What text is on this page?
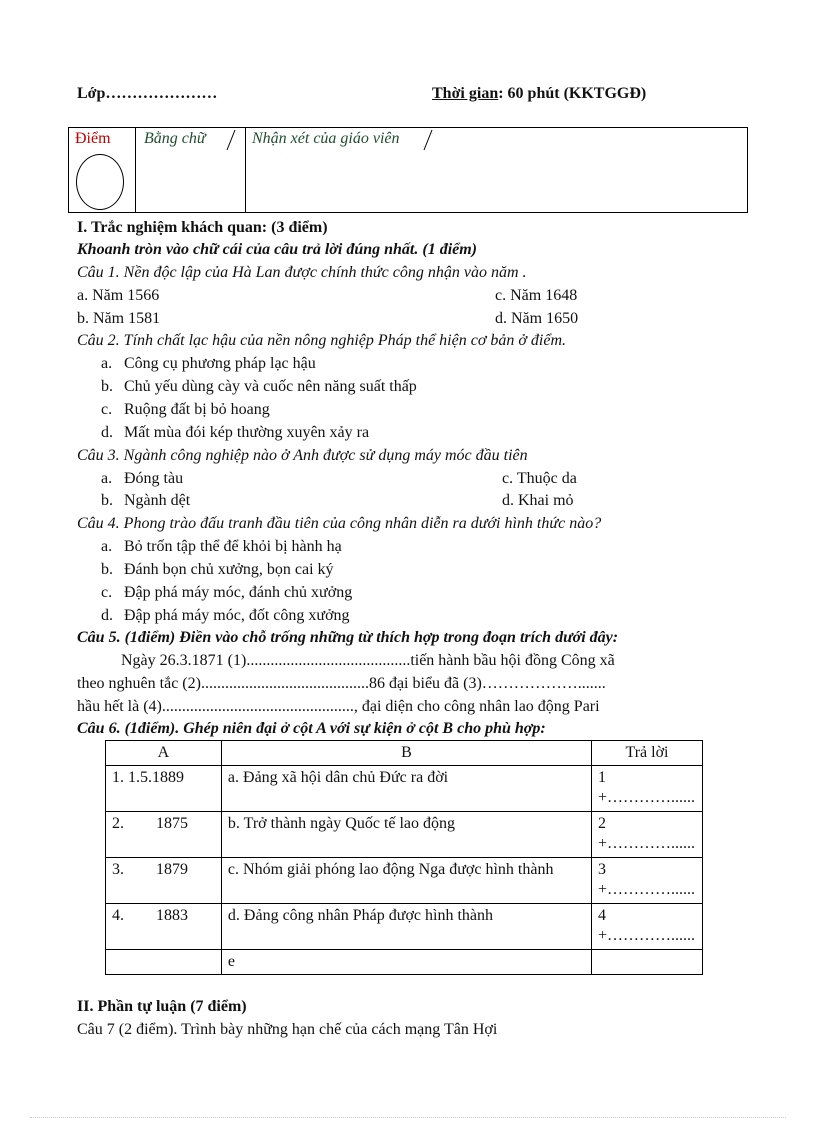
Lớp…………………	Thời gian: 60 phút (KKTGGĐ)
Điểm Bằng chữ	Nhận xét của giáo viên
I. Trắc nghiệm khách quan: (3 điểm)
Khoanh tròn vào chữ cái của câu trả lời đúng nhất. (1 điểm)
Câu 1. Nền độc lập của Hà Lan được chính thức công nhận vào năm .
a. Năm 1566	c. Năm 1648
b. Năm 1581	d. Năm 1650
Câu 2. Tính chất lạc hậu của nền nông nghiệp Pháp thể hiện cơ bản ở điểm.
a. Công cụ phương pháp lạc hậu
b. Chủ yếu dùng cày và cuốc nên năng suất thấp
c. Ruộng đất bị bỏ hoang
d. Mất mùa đói kép thường xuyên xảy ra
Câu 3. Ngành công nghiệp nào ở Anh được sử dụng máy móc đầu tiên
a. Đóng tàu	c. Thuộc da
b. Ngành dệt	d. Khai mỏ
Câu 4. Phong trào đấu tranh đầu tiên của công nhân diễn ra dưới hình thức nào?
a. Bỏ trốn tập thể để khỏi bị hành hạ
b. Đánh bọn chủ xưởng, bọn cai ký
c. Đập phá máy móc, đánh chủ xưởng
d. Đập phá máy móc, đốt công xưởng
Câu 5. (1điểm) Điền vào chỗ trống những từ thích hợp trong đoạn trích dưới đây:
Ngày 26.3.1871 (1).........................................tiến hành bầu hội đồng Công xã
theo nghuên tắc (2)..........................................86 đại biểu đã (3)……………….......
hầu hết là (4)................................................, đại diện cho công nhân lao động Pari
Câu 6. (1điểm). Ghép niên đại ở cột A với sự kiện ở cột B cho phù hợp:
A	B	Trả lời
1. 1.5.1889	a. Đảng xã hội dân chủ Đức ra đời	1
+…………......

2.        1875	b. Trở thành ngày Quốc tế lao động	2
+…………......

3.        1879	c. Nhóm giải phóng lao động Nga được hình thành	3
+…………......

4.        1883	d. Đảng công nhân Pháp được hình thành	4
+…………......

	e	
II. Phần tự luận (7 điểm)
Câu 7 (2 điểm). Trình bày những hạn chế của cách mạng Tân Hợi
